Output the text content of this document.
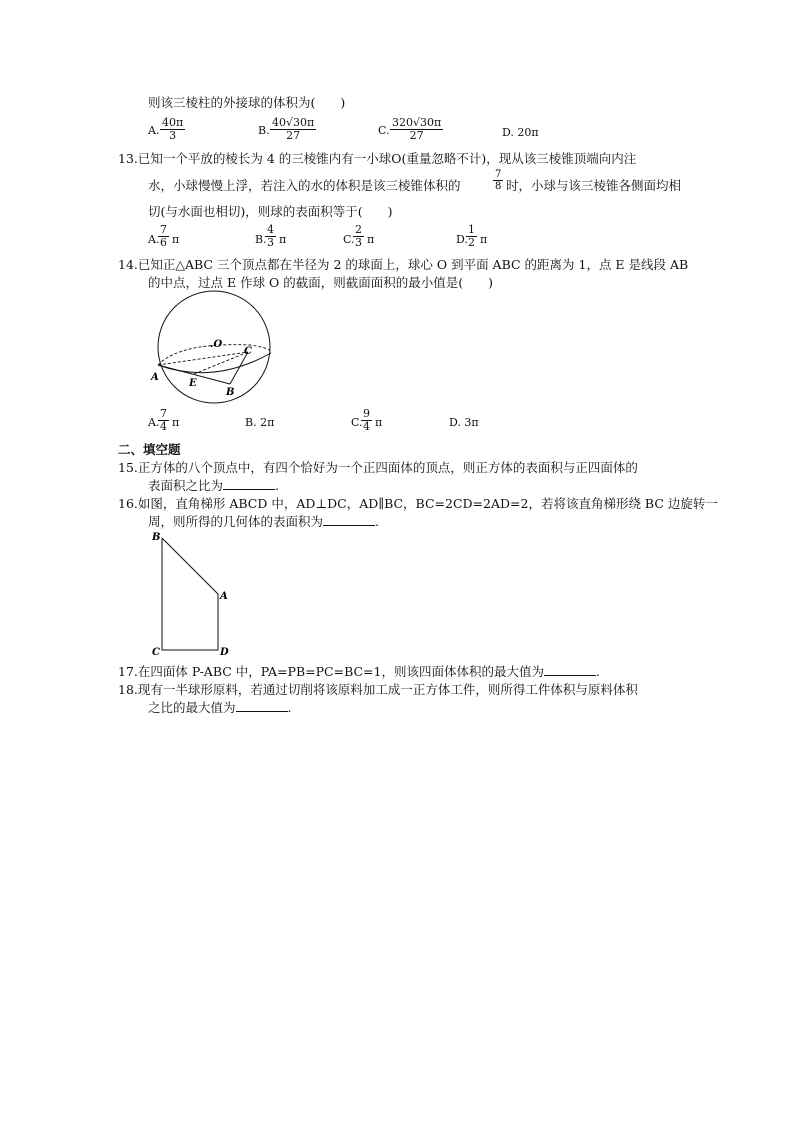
则该三棱柱的外接球的体积为(　　)
A. $\frac{40\pi}{3}$	B. $\frac{40√30\pi}{27}$	C. $\frac{320√30\pi}{27}$	D. 20π
13.已知一个平放的棱长为 4 的三棱锥内有一小球O(重量忽略不计)，现从该三棱锥顶端向内注
水，小球慢慢上浮，若注入的水的体积是该三棱锥体积的	$\frac{7}{8}$ 时，小球与该三棱锥各侧面均相
切(与水面也相切)，则球的表面积等于(　　)
A.
$\frac{7}{6}$ π	B.
$\frac{4}{3}$ π	C.
$\frac{2}{3}$ π	D.
$\frac{1}{2}$ π
14.已知正△ABC 三个顶点都在半径为 2 的球面上，球心 O 到平面 ABC 的距离为 1，点 E 是线段 AB
的中点，过点 E 作球 O 的截面，则截面面积的最小值是(　　)
.O
C
A
E
B
A.
$\frac{7}{4}$ π	B. 2π	C.
$\frac{9}{4}$ π	D. 3π
二、填空题
15.正方体的八个顶点中，有四个恰好为一个正四面体的顶点，则正方体的表面积与正四面体的
表面积之比为	.
16.如图，直角梯形 ABCD 中，AD⊥DC，AD∥BC，BC=2CD=2AD=2，若将该直角梯形绕 BC 边旋转一
周，则所得的几何体的表面积为	.
B
A
C	D
17.在四面体 P-ABC 中，PA=PB=PC=BC=1，则该四面体体积的最大值为	.
18.现有一半球形原料，若通过切削将该原料加工成一正方体工件，则所得工件体积与原料体积
之比的最大值为	.
